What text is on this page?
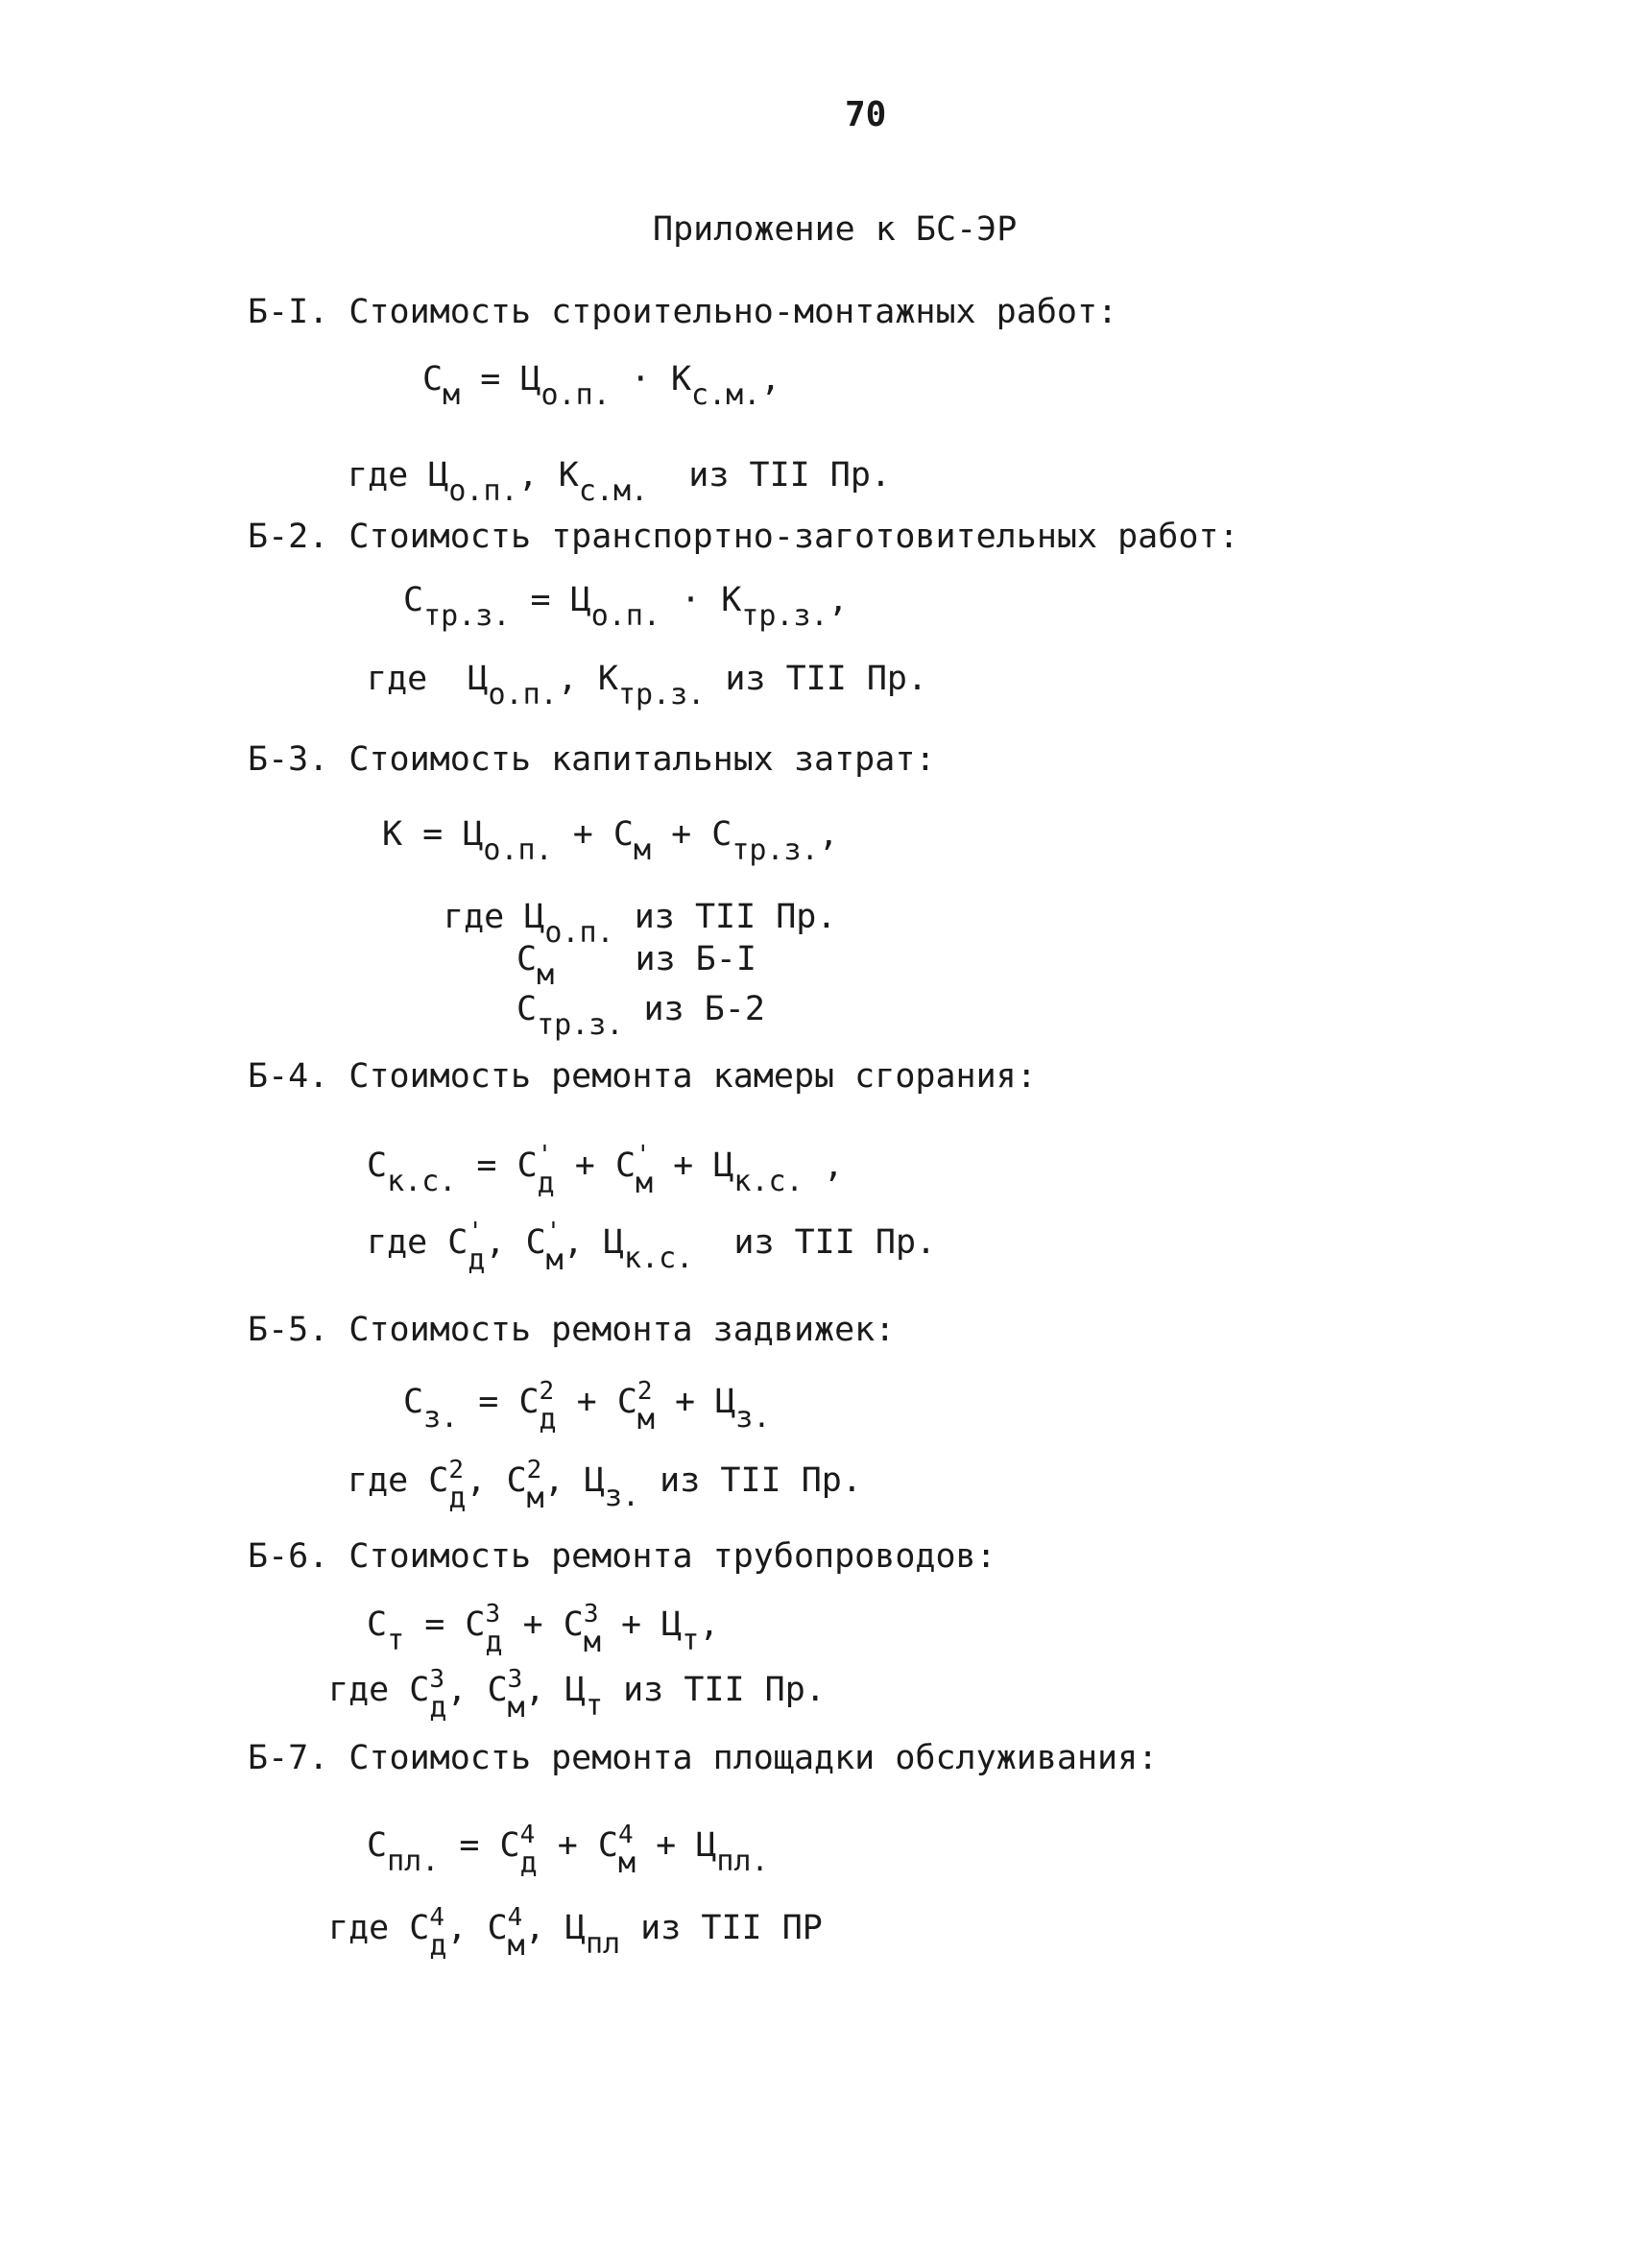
70
Приложение к БС-ЭР
Б-I. Стоимость строительно-монтажных работ:
См = Цо.п. · Кс.м.,
где Цо.п., Кс.м. из TII Пр.
Б-2. Стоимость транспортно-заготовительных работ:
Стр.з. = Цо.п. · Ктр.з.,
где Цо.п., Ктр.з. из TII Пр.
Б-3. Стоимость капитальных затрат:
К = Цо.п. + См + Стр.з.,
где Цо.п. из TII Пр.
См из Б-I
Стр.з. из Б-2
Б-4. Стоимость ремонта камеры сгорания:
Ск.с. = С '
д + С '
м + Цк.с. ,
где С '
д , С '
м , Цк.с. из TII Пр.
Б-5. Стоимость ремонта задвижек:
Сз. = С 2
д + С 2
м + Цз.
где С 2
д , С 2
м , Цз. из TII Пр.
Б-6. Стоимость ремонта трубопроводов:
Ст = С 3
д + С 3
м + Цт,
где С 3
д , С 3
м , Цт из TII Пр.
Б-7. Стоимость ремонта площадки обслуживания:
Спл. = С 4
д + С 4
м + Цпл.
где С 4
д , С 4
м , Цпл из TII ПР
